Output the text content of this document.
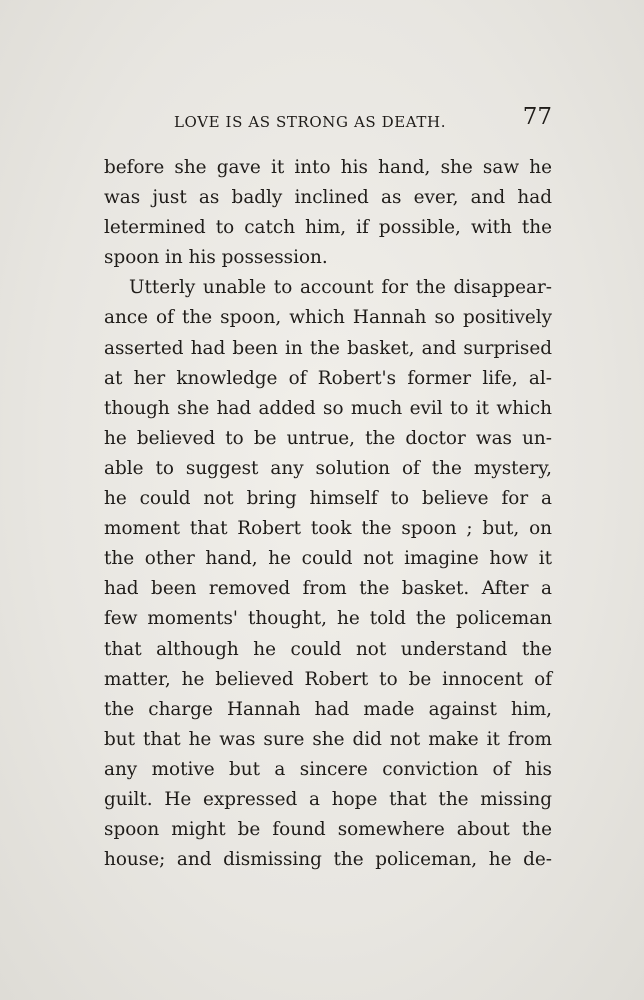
LOVE IS AS STRONG AS DEATH.	77
before she gave it into his hand, she saw he
was just as badly inclined as ever, and had
letermined to catch him, if possible, with the
spoon in his possession.
Utterly unable to account for the disappear-
ance of the spoon, which Hannah so positively
asserted had been in the basket, and surprised
at her knowledge of Robert's former life, al-
though she had added so much evil to it which
he believed to be untrue, the doctor was un-
able to suggest any solution of the mystery,
he could not bring himself to believe for a
moment that Robert took the spoon ; but, on
the other hand, he could not imagine how it
had been removed from the basket. After a
few moments' thought, he told the policeman
that although he could not understand the
matter, he believed Robert to be innocent of
the charge Hannah had made against him,
but that he was sure she did not make it from
any motive but a sincere conviction of his
guilt. He expressed a hope that the missing
spoon might be found somewhere about the
house; and dismissing the policeman, he de-
